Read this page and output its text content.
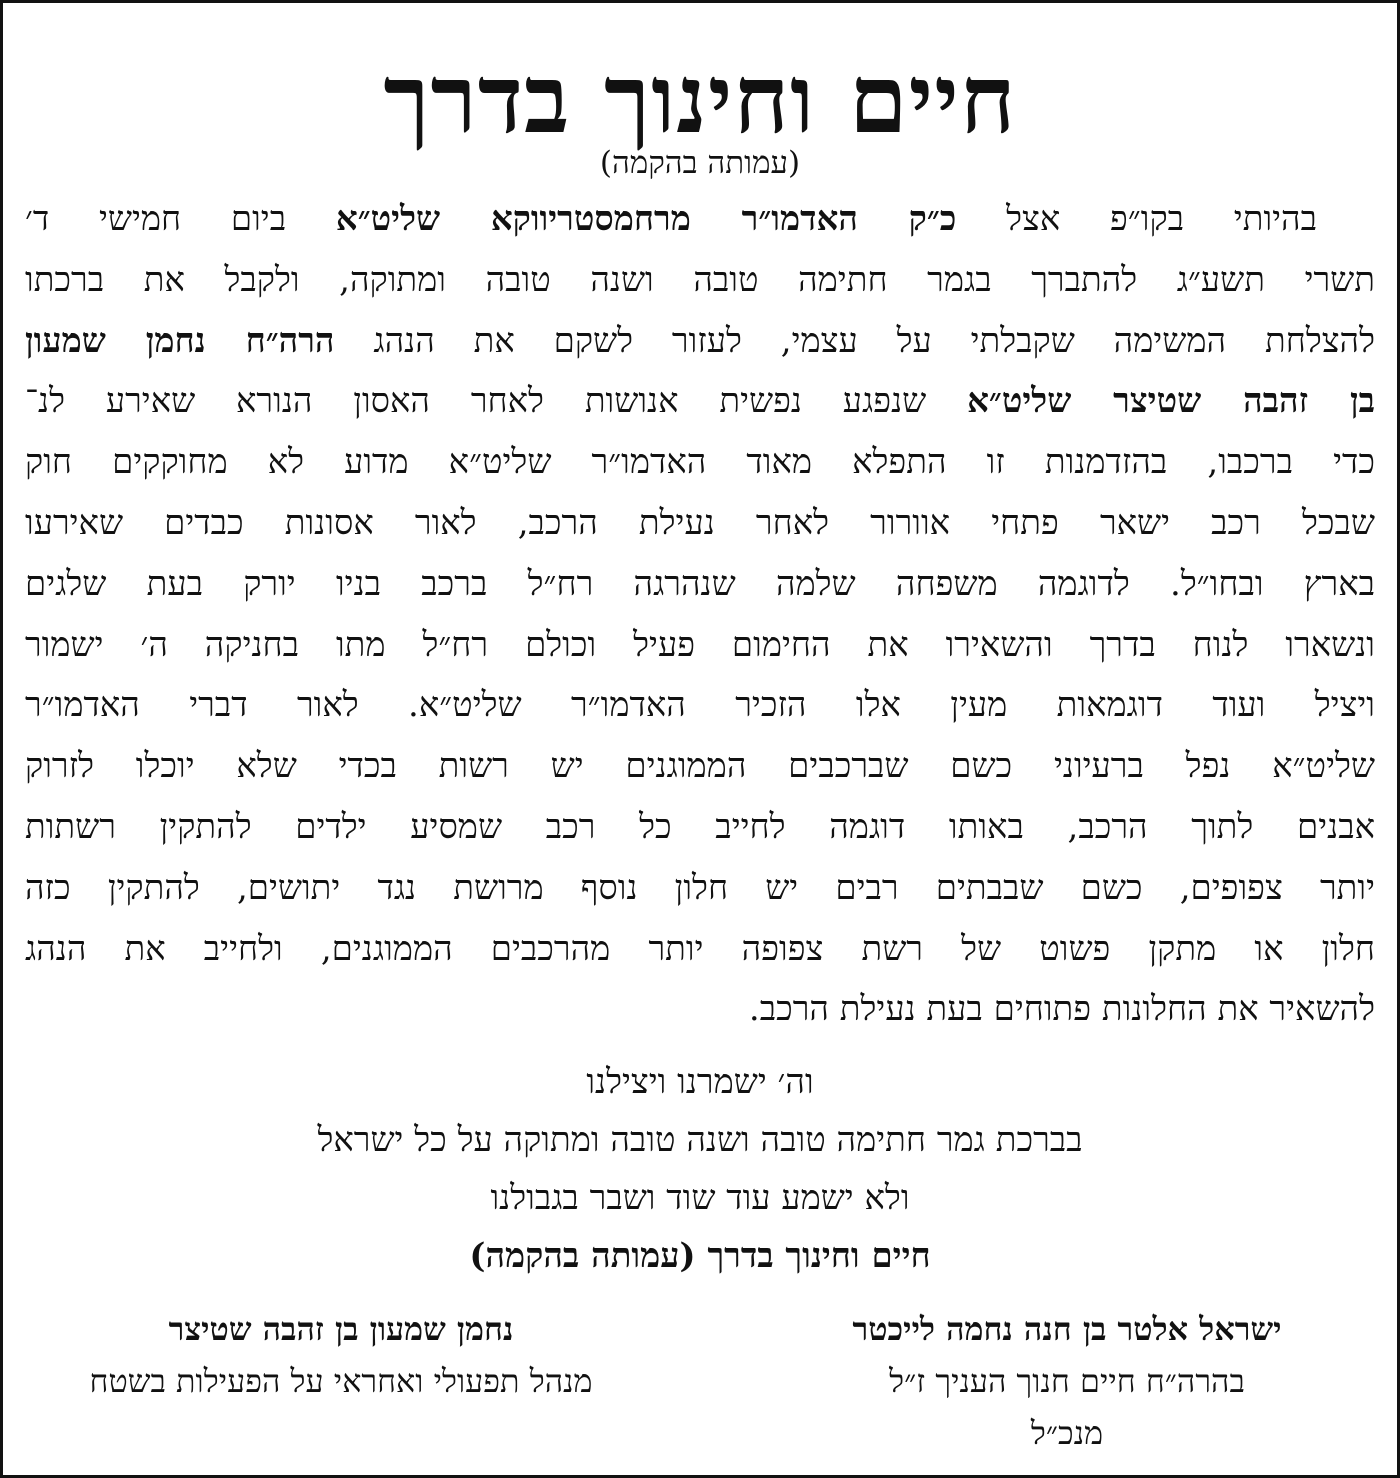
חיים וחינוך בדרך
(עמותה בהקמה)
בהיותי בקו״פ אצל כ״ק האדמו״ר מרחמסטריווקא שליט״א ביום חמישי ד׳
תשרי תשע״ג להתברך בגמר חתימה טובה ושנה טובה ומתוקה, ולקבל את ברכתו
להצלחת המשימה שקבלתי על עצמי, לעזור לשקם את הנהג הרה״ח נחמן שמעון
בן זהבה שטיצר שליט״א שנפגע נפשית אנושות לאחר האסון הנורא שאירע לנ־
כדי ברכבו, בהזדמנות זו התפלא מאוד האדמו״ר שליט״א מדוע לא מחוקקים חוק
שבכל רכב ישאר פתחי אוורור לאחר נעילת הרכב, לאור אסונות כבדים שאירעו
בארץ ובחו״ל. לדוגמה משפחה שלמה שנהרגה רח״ל ברכב בניו יורק בעת שלגים
ונשארו לנוח בדרך והשאירו את החימום פעיל וכולם רח״ל מתו בחניקה ה׳ ישמור
ויציל ועוד דוגמאות מעין אלו הזכיר האדמו״ר שליט״א. לאור דברי האדמו״ר
שליט״א נפל ברעיוני כשם שברכבים הממוגנים יש רשות בכדי שלא יוכלו לזרוק
אבנים לתוך הרכב, באותו דוגמה לחייב כל רכב שמסיע ילדים להתקין רשתות
יותר צפופים, כשם שבבתים רבים יש חלון נוסף מרושת נגד יתושים, להתקין כזה
חלון או מתקן פשוט של רשת צפופה יותר מהרכבים הממוגנים, ולחייב את הנהג
להשאיר את החלונות פתוחים בעת נעילת הרכב.
וה׳ ישמרנו ויצילנו
בברכת גמר חתימה טובה ושנה טובה ומתוקה על כל ישראל
ולא ישמע עוד שוד ושבר בגבולנו
חיים וחינוך בדרך (עמותה בהקמה)
ישראל אלטר בן חנה נחמה לייכטר
בהרה״ח חיים חנוך העניך ז״ל
מנכ״ל
נחמן שמעון בן זהבה שטיצר
מנהל תפעולי ואחראי על הפעילות בשטח
